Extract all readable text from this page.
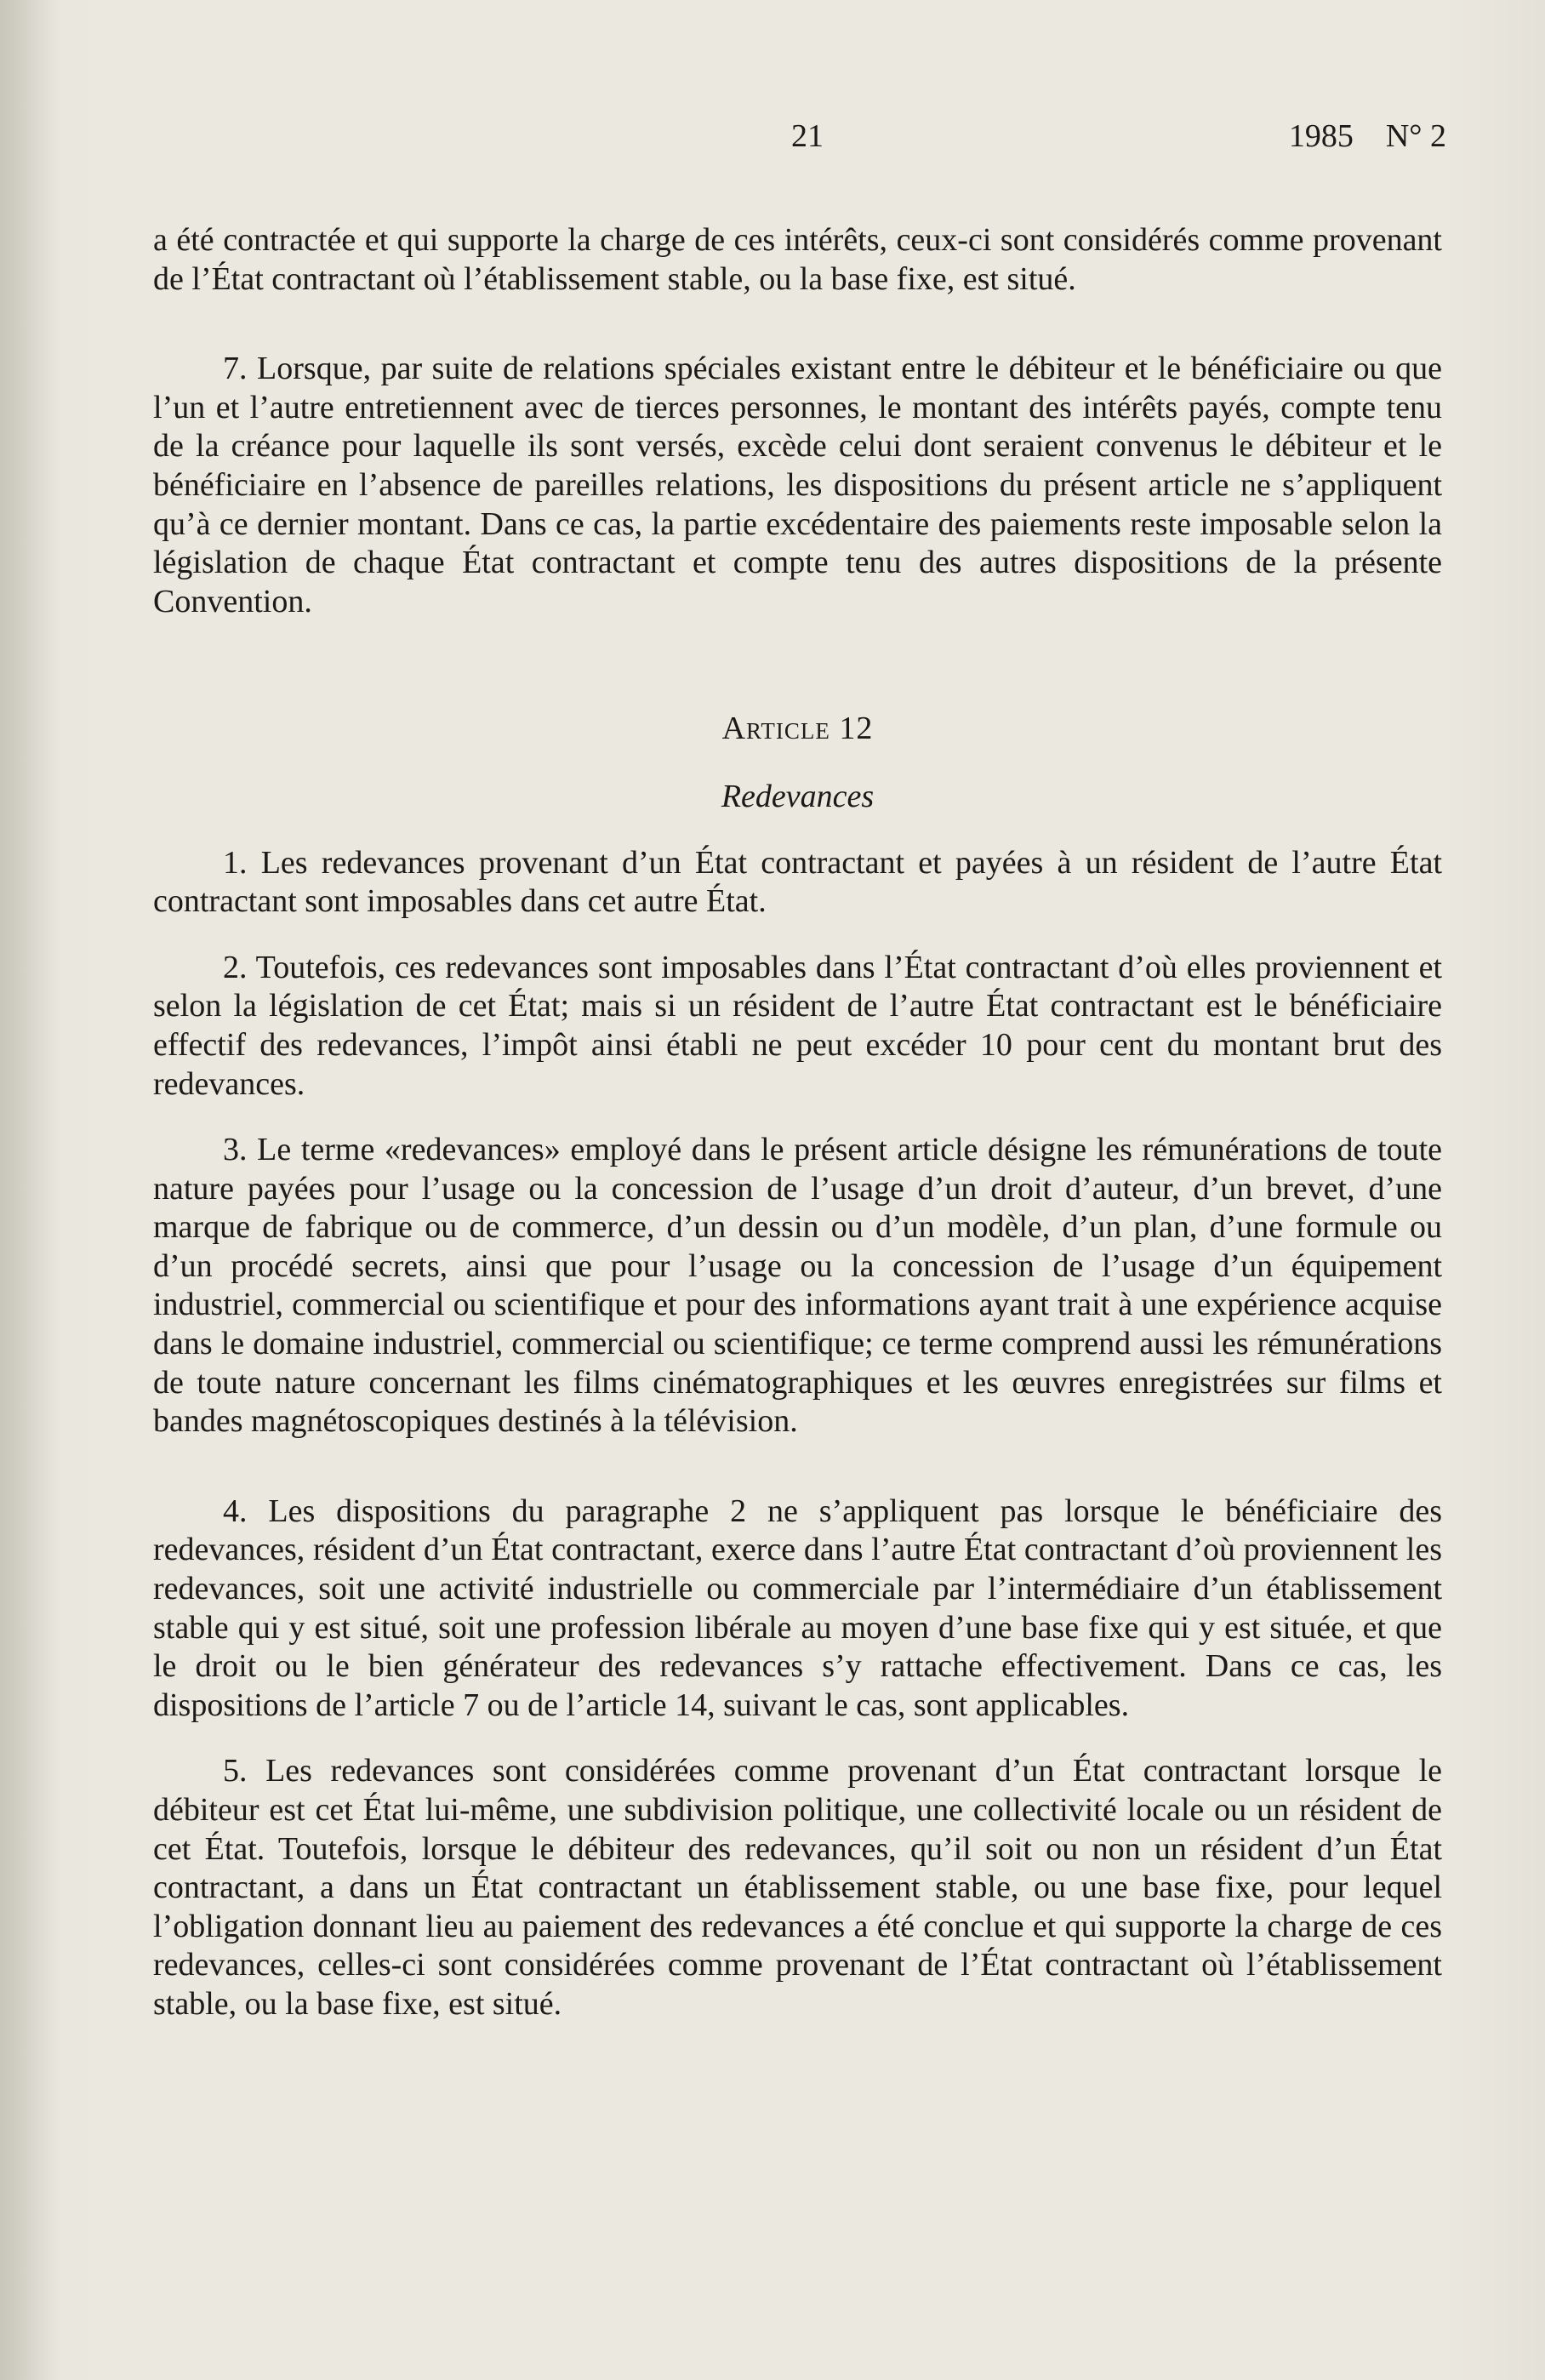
21	1985 N° 2

a été contractée et qui supporte la charge de ces intérêts, ceux-ci sont considérés comme provenant de l’État contractant où l’établissement stable, ou la base fixe, est situé.

7. Lorsque, par suite de relations spéciales existant entre le débiteur et le bénéficiaire ou que l’un et l’autre entretiennent avec de tierces personnes, le montant des intérêts payés, compte tenu de la créance pour laquelle ils sont versés, excède celui dont seraient convenus le débiteur et le bénéficiaire en l’absence de pareilles relations, les dispositions du présent article ne s’appliquent qu’à ce dernier montant. Dans ce cas, la partie excédentaire des paiements reste imposable selon la législation de chaque État contractant et compte tenu des autres dispositions de la présente Convention.

Article 12
Redevances

1. Les redevances provenant d’un État contractant et payées à un résident de l’autre État contractant sont imposables dans cet autre État.

2. Toutefois, ces redevances sont imposables dans l’État contractant d’où elles proviennent et selon la législation de cet État; mais si un résident de l’autre État contractant est le bénéficiaire effectif des redevances, l’impôt ainsi établi ne peut excéder 10 pour cent du montant brut des redevances.

3. Le terme «redevances» employé dans le présent article désigne les rémunérations de toute nature payées pour l’usage ou la concession de l’usage d’un droit d’auteur, d’un brevet, d’une marque de fabrique ou de commerce, d’un dessin ou d’un modèle, d’un plan, d’une formule ou d’un procédé secrets, ainsi que pour l’usage ou la concession de l’usage d’un équipement industriel, commercial ou scientifique et pour des informations ayant trait à une expérience acquise dans le domaine industriel, commercial ou scientifique; ce terme comprend aussi les rémunérations de toute nature concernant les films cinématographiques et les œuvres enregistrées sur films et bandes magnétoscopiques destinés à la télévision.

4. Les dispositions du paragraphe 2 ne s’appliquent pas lorsque le bénéficiaire des redevances, résident d’un État contractant, exerce dans l’autre État contractant d’où proviennent les redevances, soit une activité industrielle ou commerciale par l’intermédiaire d’un établissement stable qui y est situé, soit une profession libérale au moyen d’une base fixe qui y est située, et que le droit ou le bien générateur des redevances s’y rattache effectivement. Dans ce cas, les dispositions de l’article 7 ou de l’article 14, suivant le cas, sont applicables.

5. Les redevances sont considérées comme provenant d’un État contractant lorsque le débiteur est cet État lui-même, une subdivision politique, une collectivité locale ou un résident de cet État. Toutefois, lorsque le débiteur des redevances, qu’il soit ou non un résident d’un État contractant, a dans un État contractant un établissement stable, ou une base fixe, pour lequel l’obligation donnant lieu au paiement des redevances a été conclue et qui supporte la charge de ces redevances, celles-ci sont considérées comme provenant de l’État contractant où l’établissement stable, ou la base fixe, est situé.
